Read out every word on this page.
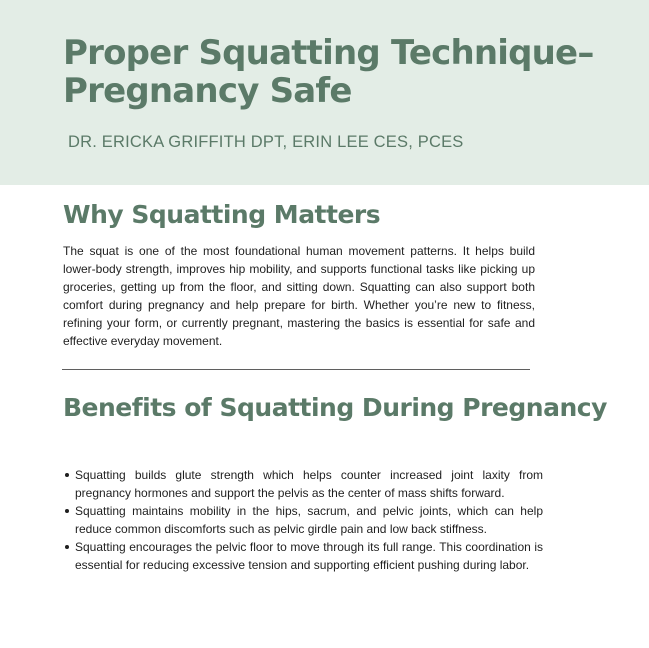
Proper Squatting Technique– Pregnancy Safe
DR. ERICKA GRIFFITH DPT, ERIN LEE CES, PCES
Why Squatting Matters

The squat is one of the most foundational human movement patterns. It helps build lower-body strength, improves hip mobility, and supports functional tasks like picking up groceries, getting up from the floor, and sitting down. Squatting can also support both comfort during pregnancy and help prepare for birth. Whether you’re new to fitness, refining your form, or currently pregnant, mastering the basics is essential for safe and effective everyday movement.

Benefits of Squatting During Pregnancy
Squatting builds glute strength which helps counter increased joint laxity from pregnancy hormones and support the pelvis as the center of mass shifts forward.
Squatting maintains mobility in the hips, sacrum, and pelvic joints, which can help reduce common discomforts such as pelvic girdle pain and low back stiffness.
Squatting encourages the pelvic floor to move through its full range. This coordination is essential for reducing excessive tension and supporting efficient pushing during labor.
